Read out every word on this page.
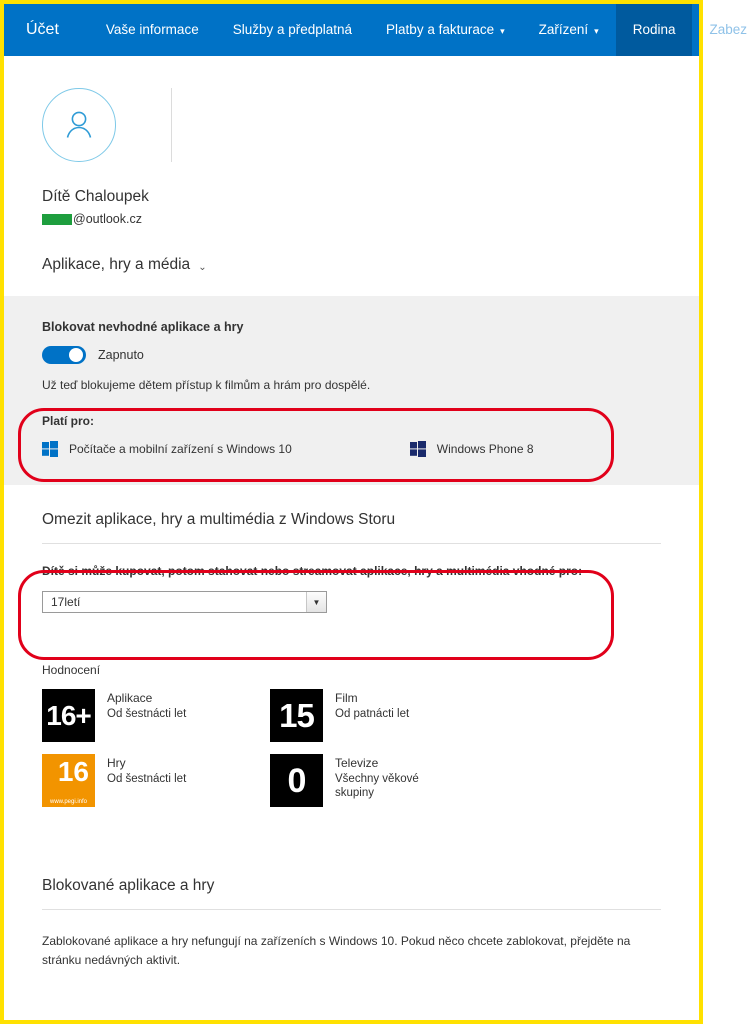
Účet	Vaše informace	Služby a předplatná	Platby a fakturace ▾	Zařízení ▾	Rodina	Zabez ›
Dítě Chaloupek
@outlook.cz
Aplikace, hry a média ⌄
Blokovat nevhodné aplikace a hry
Zapnuto
Už teď blokujeme dětem přístup k filmům a hrám pro dospělé.
Platí pro:
Počítače a mobilní zařízení s Windows 10	Windows Phone 8
Omezit aplikace, hry a multimédia z Windows Storu
Dítě si může kupovat, potom stahovat nebo streamovat aplikace, hry a multimédia vhodné pro:
17letí	▼
Hodnocení
16+
Aplikace
Od šestnácti let	15 Film
Od patnácti let
16
www.pegi.info
Hry
Od šestnácti let	0 Televize
Všechny věkové skupiny
Blokované aplikace a hry
Zablokované aplikace a hry nefungují na zařízeních s Windows 10. Pokud něco chcete zablokovat, přejděte na stránku nedávných aktivit.
